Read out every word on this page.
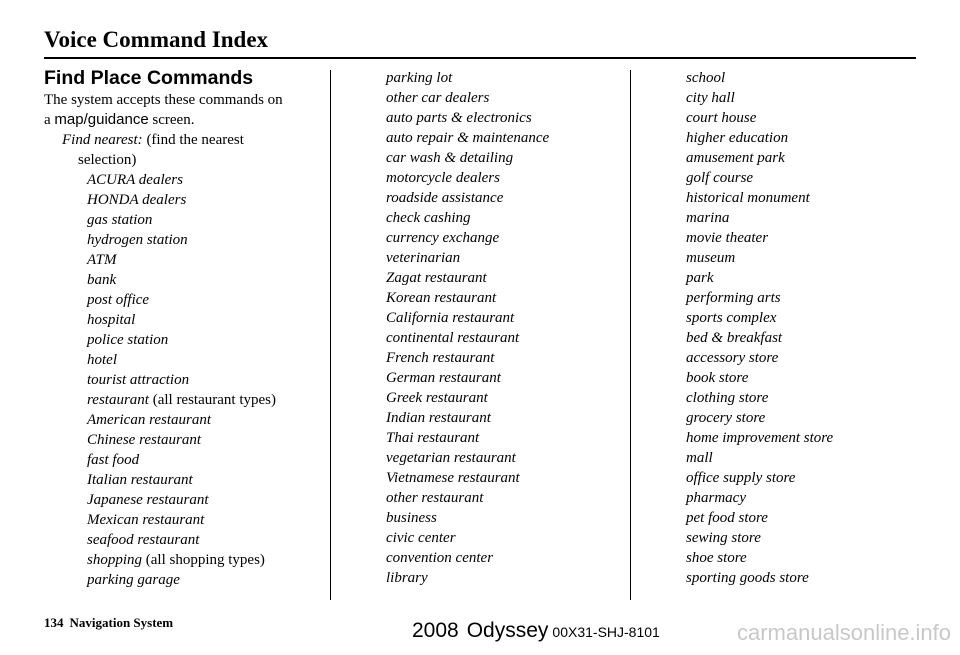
Voice Command Index
Find Place Commands
The system accepts these commands on
a map/guidance screen.
Find nearest: (find the nearest
selection)
ACURA dealers
HONDA dealers
gas station
hydrogen station
ATM
bank
post office
hospital
police station
hotel
tourist attraction
restaurant (all restaurant types)
American restaurant
Chinese restaurant
fast food
Italian restaurant
Japanese restaurant
Mexican restaurant
seafood restaurant
shopping (all shopping types)
parking garage
parking lot
other car dealers
auto parts & electronics
auto repair & maintenance
car wash & detailing
motorcycle dealers
roadside assistance
check cashing
currency exchange
veterinarian
Zagat restaurant
Korean restaurant
California restaurant
continental restaurant
French restaurant
German restaurant
Greek restaurant
Indian restaurant
Thai restaurant
vegetarian restaurant
Vietnamese restaurant
other restaurant
business
civic center
convention center
library
school
city hall
court house
higher education
amusement park
golf course
historical monument
marina
movie theater
museum
park
performing arts
sports complex
bed & breakfast
accessory store
book store
clothing store
grocery store
home improvement store
mall
office supply store
pharmacy
pet food store
sewing store
shoe store
sporting goods store
134 Navigation System	2008 Odyssey 00X31-SHJ-8101	carmanualsonline.info
